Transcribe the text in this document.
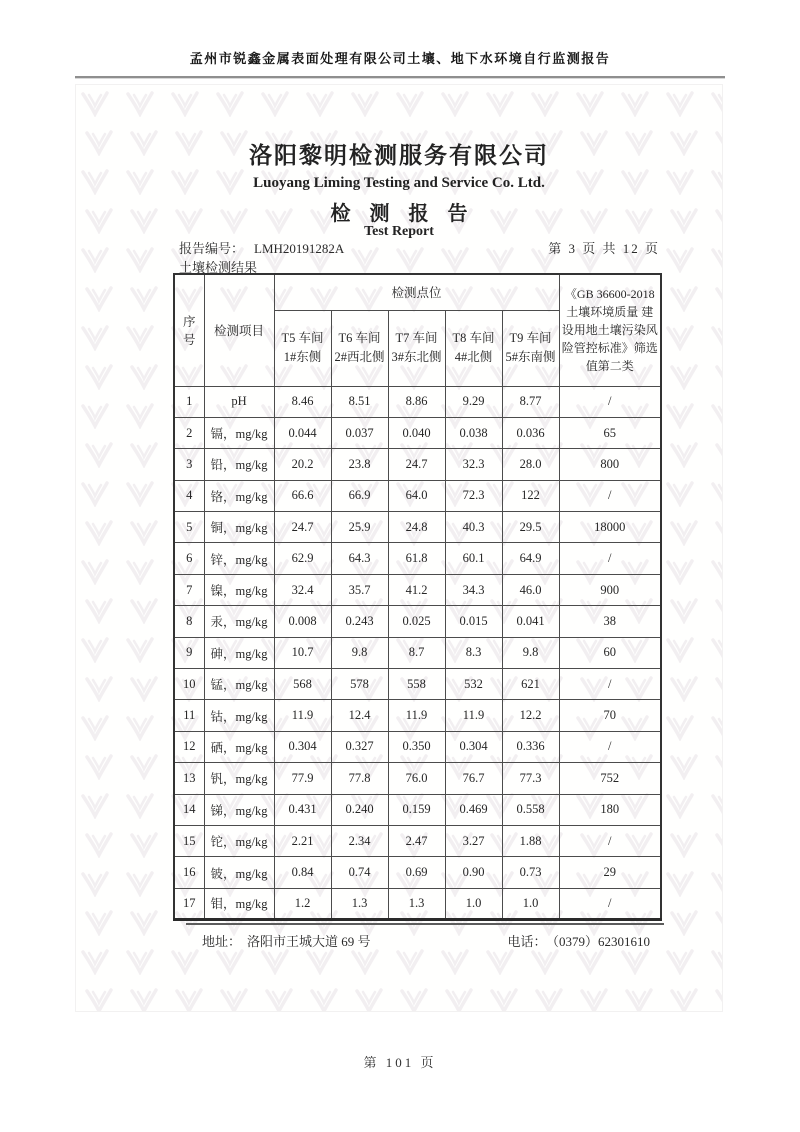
孟州市锐鑫金属表面处理有限公司土壤、地下水环境自行监测报告
洛阳黎明检测服务有限公司
Luoyang Liming Testing and Service Co. Ltd.
检 测 报 告
Test Report
报告编号： LMH20191282A	第 3 页 共 12 页
土壤检测结果
序号	检测项目	检测点位					《GB 36600-2018 土壤环境质量 建设用地土壤污染风险管控标准》筛选值第二类
		T5 车间1#东侧	T6 车间2#西北侧	T7 车间3#东北侧	T8 车间4#北侧	T9 车间5#东南侧	
1	pH	8.46	8.51	8.86	9.29	8.77	/
2	镉，mg/kg	0.044	0.037	0.040	0.038	0.036	65
3	铅，mg/kg	20.2	23.8	24.7	32.3	28.0	800
4	铬，mg/kg	66.6	66.9	64.0	72.3	122	/
5	铜，mg/kg	24.7	25.9	24.8	40.3	29.5	18000
6	锌，mg/kg	62.9	64.3	61.8	60.1	64.9	/
7	镍，mg/kg	32.4	35.7	41.2	34.3	46.0	900
8	汞，mg/kg	0.008	0.243	0.025	0.015	0.041	38
9	砷，mg/kg	10.7	9.8	8.7	8.3	9.8	60
10	锰，mg/kg	568	578	558	532	621	/
11	钴，mg/kg	11.9	12.4	11.9	11.9	12.2	70
12	硒，mg/kg	0.304	0.327	0.350	0.304	0.336	/
13	钒，mg/kg	77.9	77.8	76.0	76.7	77.3	752
14	锑，mg/kg	0.431	0.240	0.159	0.469	0.558	180
15	铊，mg/kg	2.21	2.34	2.47	3.27	1.88	/
16	铍，mg/kg	0.84	0.74	0.69	0.90	0.73	29
17	钼，mg/kg	1.2	1.3	1.3	1.0	1.0	/
地址： 洛阳市王城大道 69 号	电话： （0379）62301610
第 101 页
